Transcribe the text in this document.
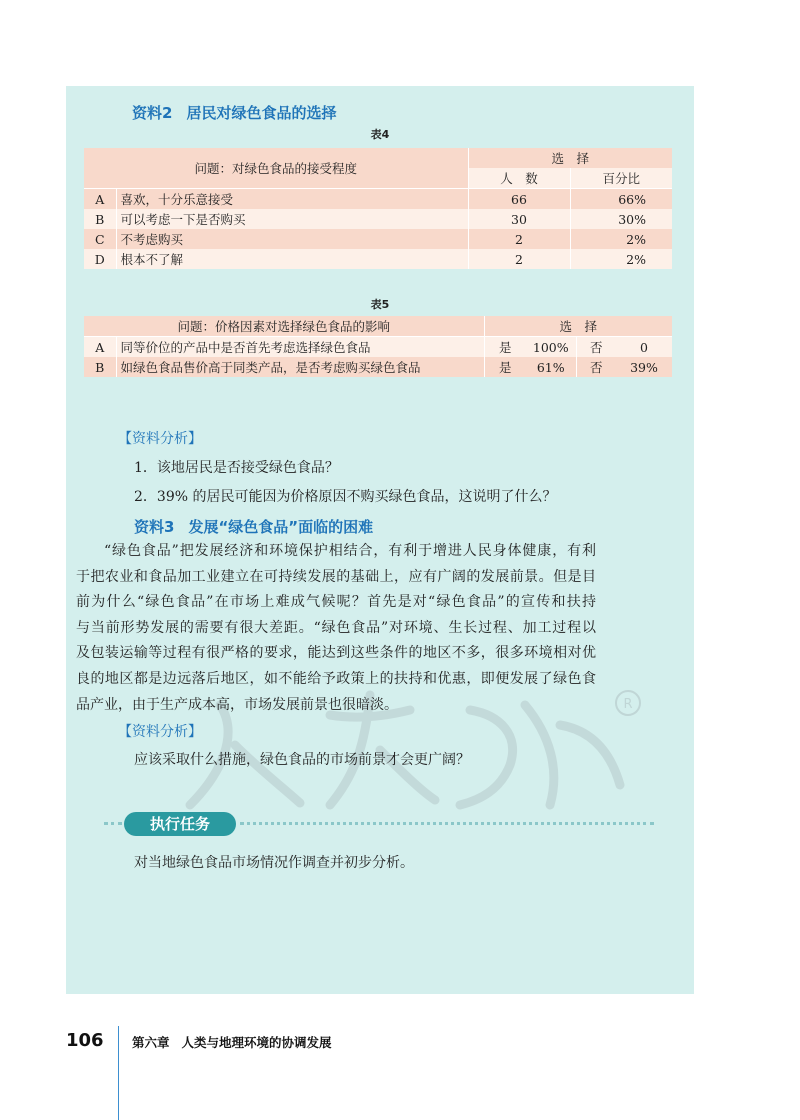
资料2 居民对绿色食品的选择
表4
问题：对绿色食品的接受程度		选　择	
		人　数	百分比
A	喜欢，十分乐意接受	66	66%
B	可以考虑一下是否购买	30	30%
C	不考虑购买	2	2%
D	根本不了解	2	2%
表5
问题：价格因素对选择绿色食品的影响		选　择			
A	同等价位的产品中是否首先考虑选择绿色食品	是	100%	否	0
B	如绿色食品售价高于同类产品，是否考虑购买绿色食品	是	61%	否	39%
R
【资料分析】
1．该地居民是否接受绿色食品？
2．39% 的居民可能因为价格原因不购买绿色食品，这说明了什么？
资料3 发展“绿色食品”面临的困难

“绿色食品”把发展经济和环境保护相结合，有利于增进人民身体健康，有利

于把农业和食品加工业建立在可持续发展的基础上，应有广阔的发展前景。但是目

前为什么“绿色食品”在市场上难成气候呢？首先是对“绿色食品”的宣传和扶持

与当前形势发展的需要有很大差距。“绿色食品”对环境、生长过程、加工过程以

及包装运输等过程有很严格的要求，能达到这些条件的地区不多，很多环境相对优

良的地区都是边远落后地区，如不能给予政策上的扶持和优惠，即便发展了绿色食

品产业，由于生产成本高，市场发展前景也很暗淡。

【资料分析】
应该采取什么措施，绿色食品的市场前景才会更广阔？
执行任务
对当地绿色食品市场情况作调查并初步分析。
106 第六章 人类与地理环境的协调发展
